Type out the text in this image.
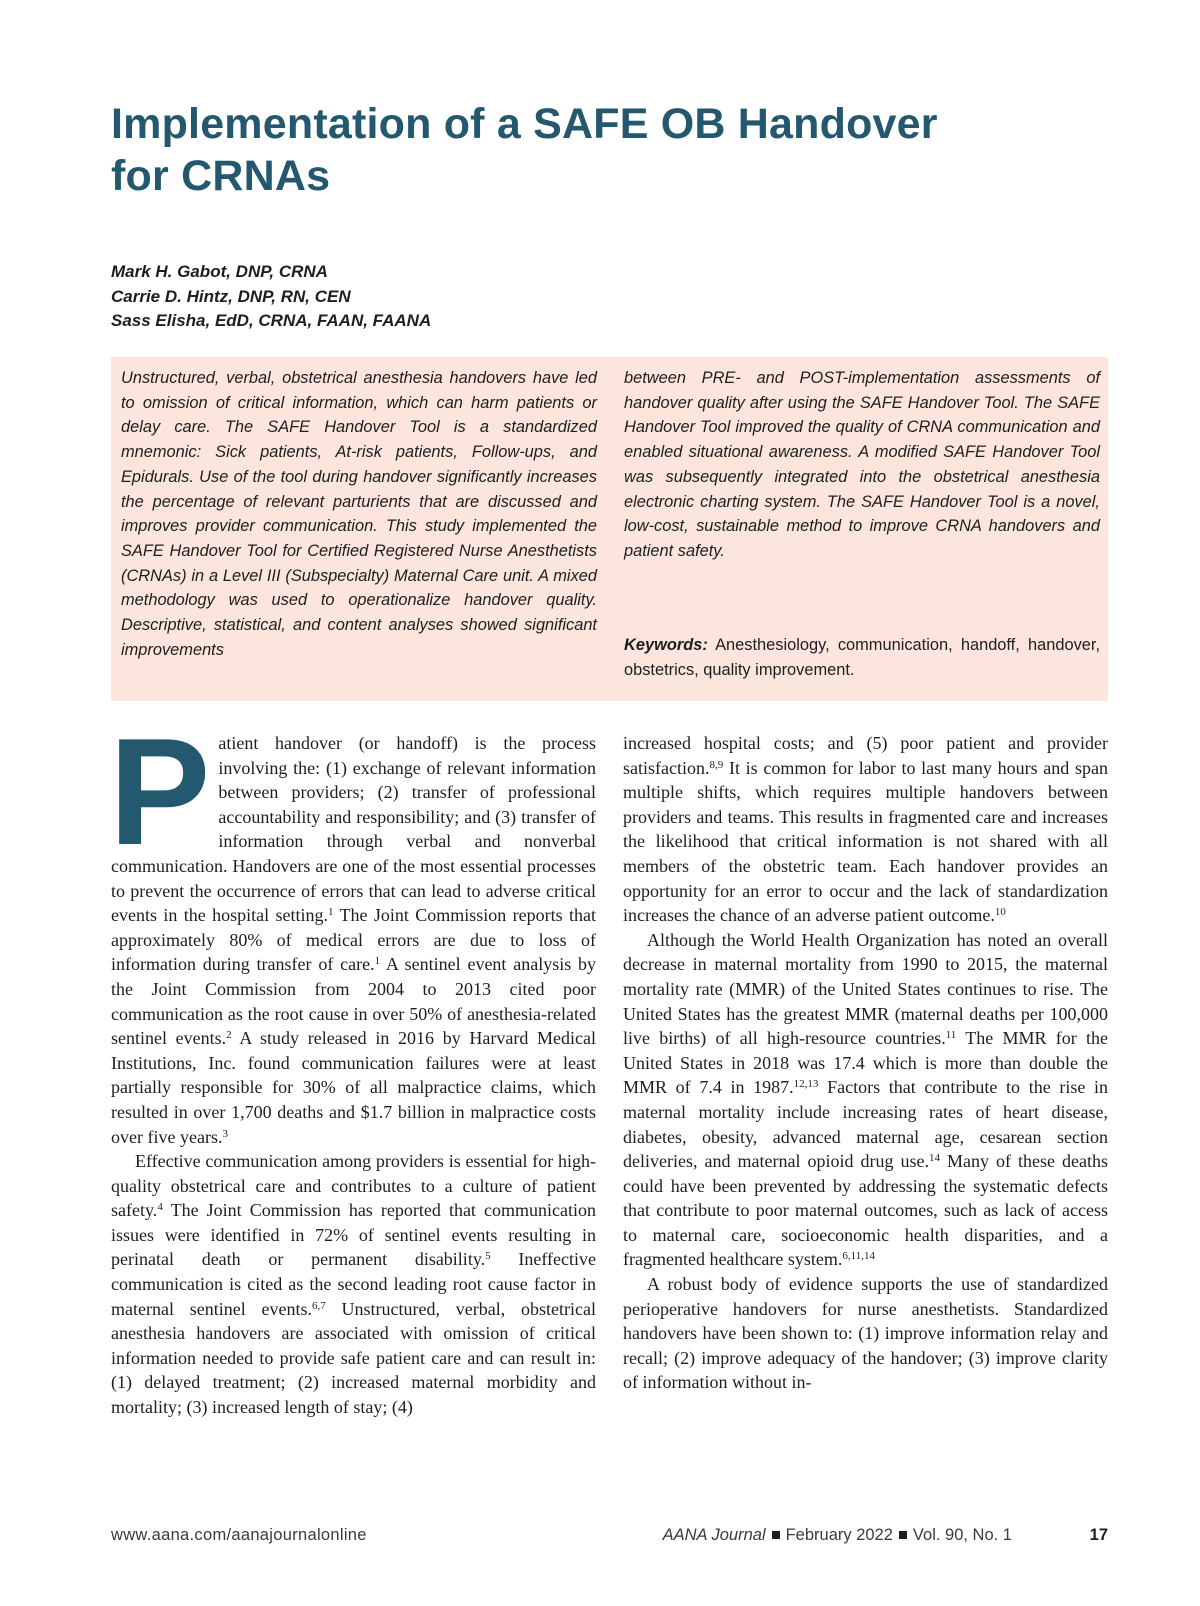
Implementation of a SAFE OB Handover
for CRNAs
Mark H. Gabot, DNP, CRNA
Carrie D. Hintz, DNP, RN, CEN
Sass Elisha, EdD, CRNA, FAAN, FAANA
Unstructured, verbal, obstetrical anesthesia handovers have led to omission of critical information, which can harm patients or delay care. The SAFE Handover Tool is a standardized mnemonic: Sick patients, At-risk patients, Follow-ups, and Epidurals. Use of the tool during handover significantly increases the percentage of relevant parturients that are discussed and improves provider communication. This study implemented the SAFE Handover Tool for Certified Registered Nurse Anesthetists (CRNAs) in a Level III (Subspecialty) Maternal Care unit. A mixed methodology was used to operationalize handover quality. Descriptive, statistical, and content analyses showed significant improvements
between PRE- and POST-implementation assessments of handover quality after using the SAFE Handover Tool. The SAFE Handover Tool improved the quality of CRNA communication and enabled situational awareness. A modified SAFE Handover Tool was subsequently integrated into the obstetrical anesthesia electronic charting system. The SAFE Handover Tool is a novel, low-cost, sustainable method to improve CRNA handovers and patient safety.
Keywords: Anesthesiology, communication, handoff, handover, obstetrics, quality improvement.

Patient handover (or handoff) is the process involving the: (1) exchange of relevant information between providers; (2) transfer of professional accountability and responsibility; and (3) transfer of information through verbal and nonverbal communication. Handovers are one of the most essential processes to prevent the occurrence of errors that can lead to adverse critical events in the hospital setting.$^1$ The Joint Commission reports that approximately 80% of medical errors are due to loss of information during transfer of care.$^1$ A sentinel event analysis by the Joint Commission from 2004 to 2013 cited poor communication as the root cause in over 50% of anesthesia-related sentinel events.$^2$ A study released in 2016 by Harvard Medical Institutions, Inc. found communication failures were at least partially responsible for 30% of all malpractice claims, which resulted in over 1,700 deaths and $1.7 billion in malpractice costs over five years.$^3$

Effective communication among providers is essential for high-quality obstetrical care and contributes to a culture of patient safety.$^4$ The Joint Commission has reported that communication issues were identified in 72% of sentinel events resulting in perinatal death or permanent disability.$^5$ Ineffective communication is cited as the second leading root cause factor in maternal sentinel events.$^{6,7}$ Unstructured, verbal, obstetrical anesthesia handovers are associated with omission of critical information needed to provide safe patient care and can result in: (1) delayed treatment; (2) increased maternal morbidity and mortality; (3) increased length of stay; (4)

increased hospital costs; and (5) poor patient and provider satisfaction.$^{8,9}$ It is common for labor to last many hours and span multiple shifts, which requires multiple handovers between providers and teams. This results in fragmented care and increases the likelihood that critical information is not shared with all members of the obstetric team. Each handover provides an opportunity for an error to occur and the lack of standardization increases the chance of an adverse patient outcome.$^{10}$

Although the World Health Organization has noted an overall decrease in maternal mortality from 1990 to 2015, the maternal mortality rate (MMR) of the United States continues to rise. The United States has the greatest MMR (maternal deaths per 100,000 live births) of all high-resource countries.$^{11}$ The MMR for the United States in 2018 was 17.4 which is more than double the MMR of 7.4 in 1987.$^{12,13}$ Factors that contribute to the rise in maternal mortality include increasing rates of heart disease, diabetes, obesity, advanced maternal age, cesarean section deliveries, and maternal opioid drug use.$^{14}$ Many of these deaths could have been prevented by addressing the systematic defects that contribute to poor maternal outcomes, such as lack of access to maternal care, socioeconomic health disparities, and a fragmented healthcare system.$^{6,11,14}$

A robust body of evidence supports the use of standardized perioperative handovers for nurse anesthetists. Standardized handovers have been shown to: (1) improve information relay and recall; (2) improve adequacy of the handover; (3) improve clarity of information without in-

www.aana.com/aanajournalonline	AANA Journal February 2022 Vol. 90, No. 1	17
